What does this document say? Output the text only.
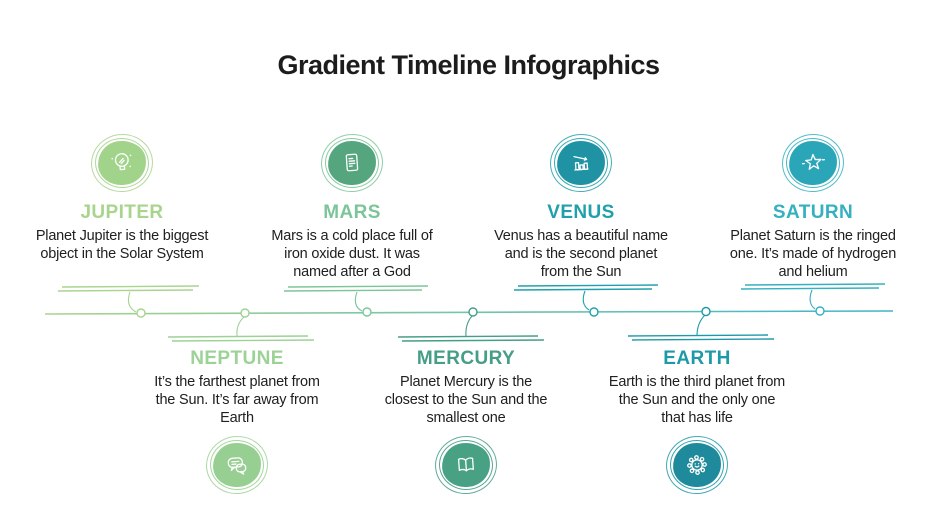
Gradient Timeline Infographics
JUPITER
Planet Jupiter is the biggest object in the Solar System
MARS
Mars is a cold place full of iron oxide dust. It was named after a God
VENUS
Venus has a beautiful name and is the second planet from the Sun
SATURN
Planet Saturn is the ringed one. It’s made of hydrogen and helium
NEPTUNE
It’s the farthest planet from the Sun. It’s far away from Earth
MERCURY
Planet Mercury is the closest to the Sun and the smallest one
EARTH
Earth is the third planet from the Sun and the only one that has life
